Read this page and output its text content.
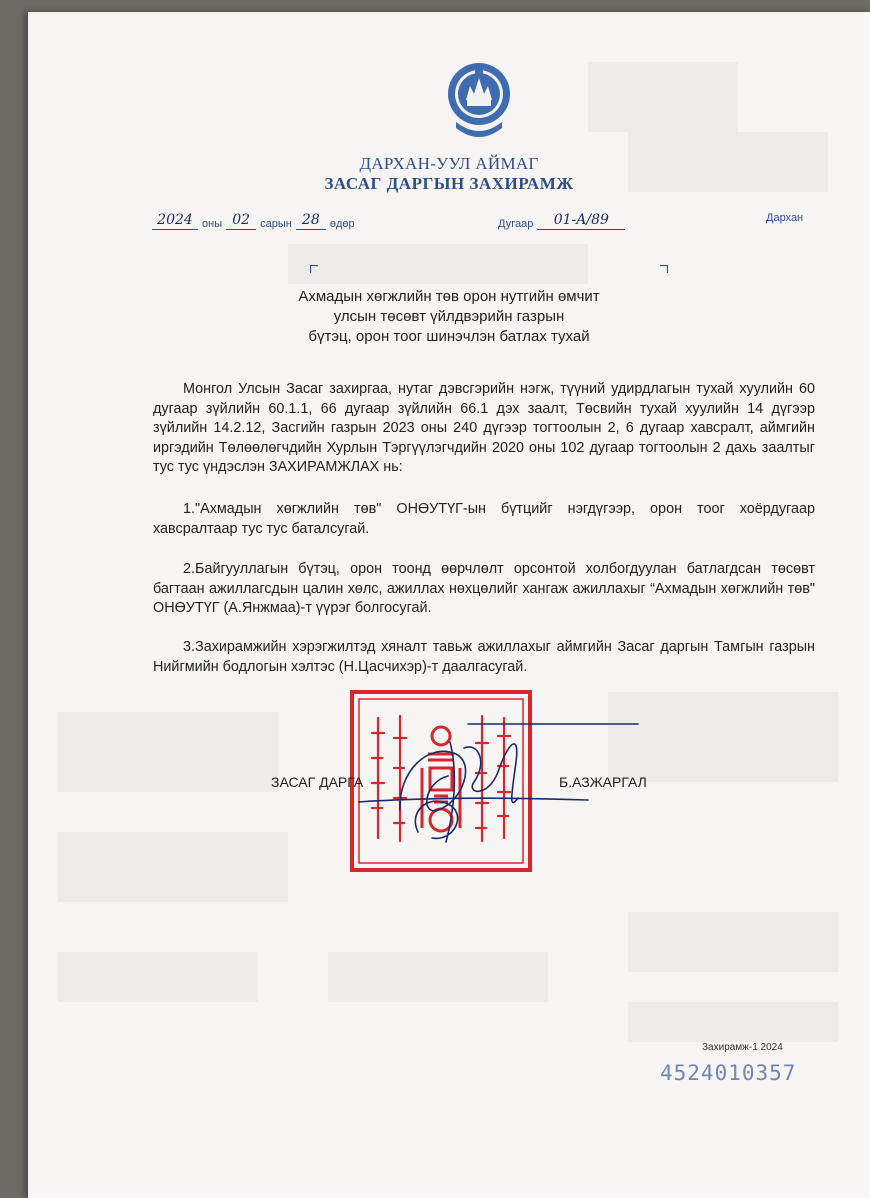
ДАРХАН-УУЛ АЙМАГ
ЗАСАГ ДАРГЫН ЗАХИРАМЖ
2024 оны 02 сарын 28 өдөр	Дугаар 01-A/89	Дархан
Ахмадын хөгжлийн төв орон нутгийн өмчит
улсын төсөвт үйлдвэрийн газрын
бүтэц, орон тоог шинэчлэн батлах тухай

Монгол Улсын Засаг захиргаа, нутаг дэвсгэрийн нэгж, түүний удирдлагын тухай хуулийн 60 дугаар зүйлийн 60.1.1, 66 дугаар зүйлийн 66.1 дэх заалт, Төсвийн тухай хуулийн 14 дүгээр зүйлийн 14.2.12, Засгийн газрын 2023 оны 240 дүгээр тогтоолын 2, 6 дугаар хавсралт, аймгийн иргэдийн Төлөөлөгчдийн Хурлын Тэргүүлэгчдийн 2020 оны 102 дугаар тогтоолын 2 дахь заалтыг тус тус үндэслэн ЗАХИРАМЖЛАХ нь:

1."Ахмадын хөгжлийн төв" ОНӨУТҮГ-ын бүтцийг нэгдүгээр, орон тоог хоёрдугаар хавсралтаар тус тус баталсугай.

2.Байгууллагын бүтэц, орон тоонд өөрчлөлт орсонтой холбогдуулан батлагдсан төсөвт багтаан ажиллагсдын цалин хөлс, ажиллах нөхцөлийг хангаж ажиллахыг “Ахмадын хөгжлийн төв" ОНӨУТҮГ (А.Янжмаа)-т үүрэг болгосугай.

3.Захирамжийн хэрэгжилтэд хяналт тавьж ажиллахыг аймгийн Засаг даргын Тамгын газрын Нийгмийн бодлогын хэлтэс (Н.Цасчихэр)-т даалгасугай.

ЗАСАГ ДАРГА	Б.АЗЖАРГАЛ
Захирамж-1 2024
4524010357
